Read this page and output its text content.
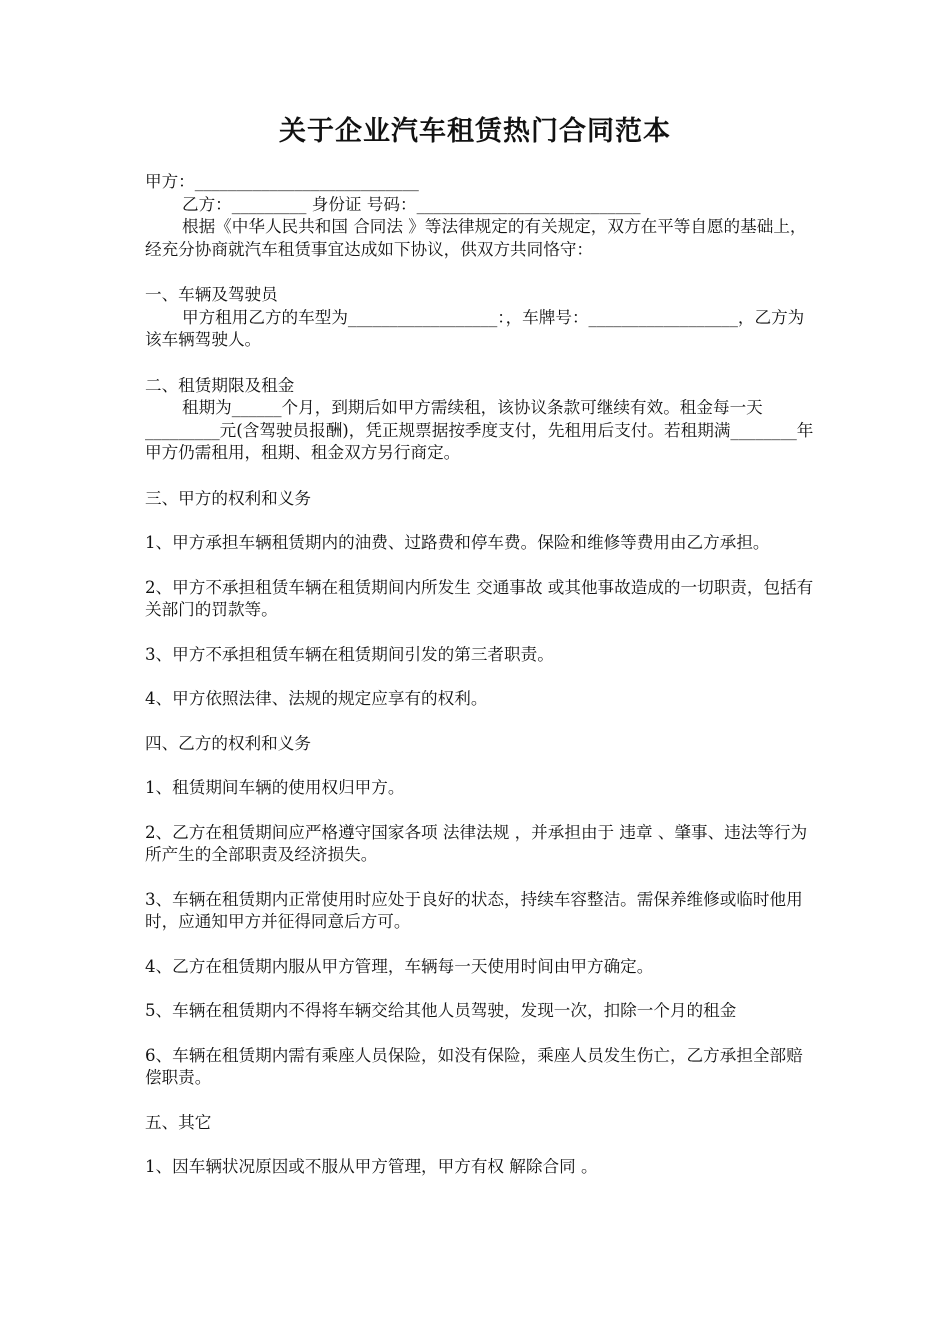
关于企业汽车租赁热门合同范本

甲方：___________________________

乙方：_________ 身份证 号码：___________________________

根据《中华人民共和国 合同法 》等法律规定的有关规定，双方在平等自愿的基础上，经充分协商就汽车租赁事宜达成如下协议，供双方共同恪守：

一、车辆及驾驶员

甲方租用乙方的车型为__________________：，车牌号：__________________，乙方为该车辆驾驶人。

二、租赁期限及租金

租期为______个月，到期后如甲方需续租，该协议条款可继续有效。租金每一天_________元(含驾驶员报酬)，凭正规票据按季度支付，先租用后支付。若租期满________年甲方仍需租用，租期、租金双方另行商定。

三、甲方的权利和义务

1、甲方承担车辆租赁期内的油费、过路费和停车费。保险和维修等费用由乙方承担。

2、甲方不承担租赁车辆在租赁期间内所发生 交通事故 或其他事故造成的一切职责，包括有关部门的罚款等。

3、甲方不承担租赁车辆在租赁期间引发的第三者职责。

4、甲方依照法律、法规的规定应享有的权利。

四、乙方的权利和义务

1、租赁期间车辆的使用权归甲方。

2、乙方在租赁期间应严格遵守国家各项 法律法规 ，并承担由于 违章 、肇事、违法等行为所产生的全部职责及经济损失。

3、车辆在租赁期内正常使用时应处于良好的状态，持续车容整洁。需保养维修或临时他用时，应通知甲方并征得同意后方可。

4、乙方在租赁期内服从甲方管理，车辆每一天使用时间由甲方确定。

5、车辆在租赁期内不得将车辆交给其他人员驾驶，发现一次，扣除一个月的租金

6、车辆在租赁期内需有乘座人员保险，如没有保险，乘座人员发生伤亡，乙方承担全部赔偿职责。

五、其它

1、因车辆状况原因或不服从甲方管理，甲方有权 解除合同 。
